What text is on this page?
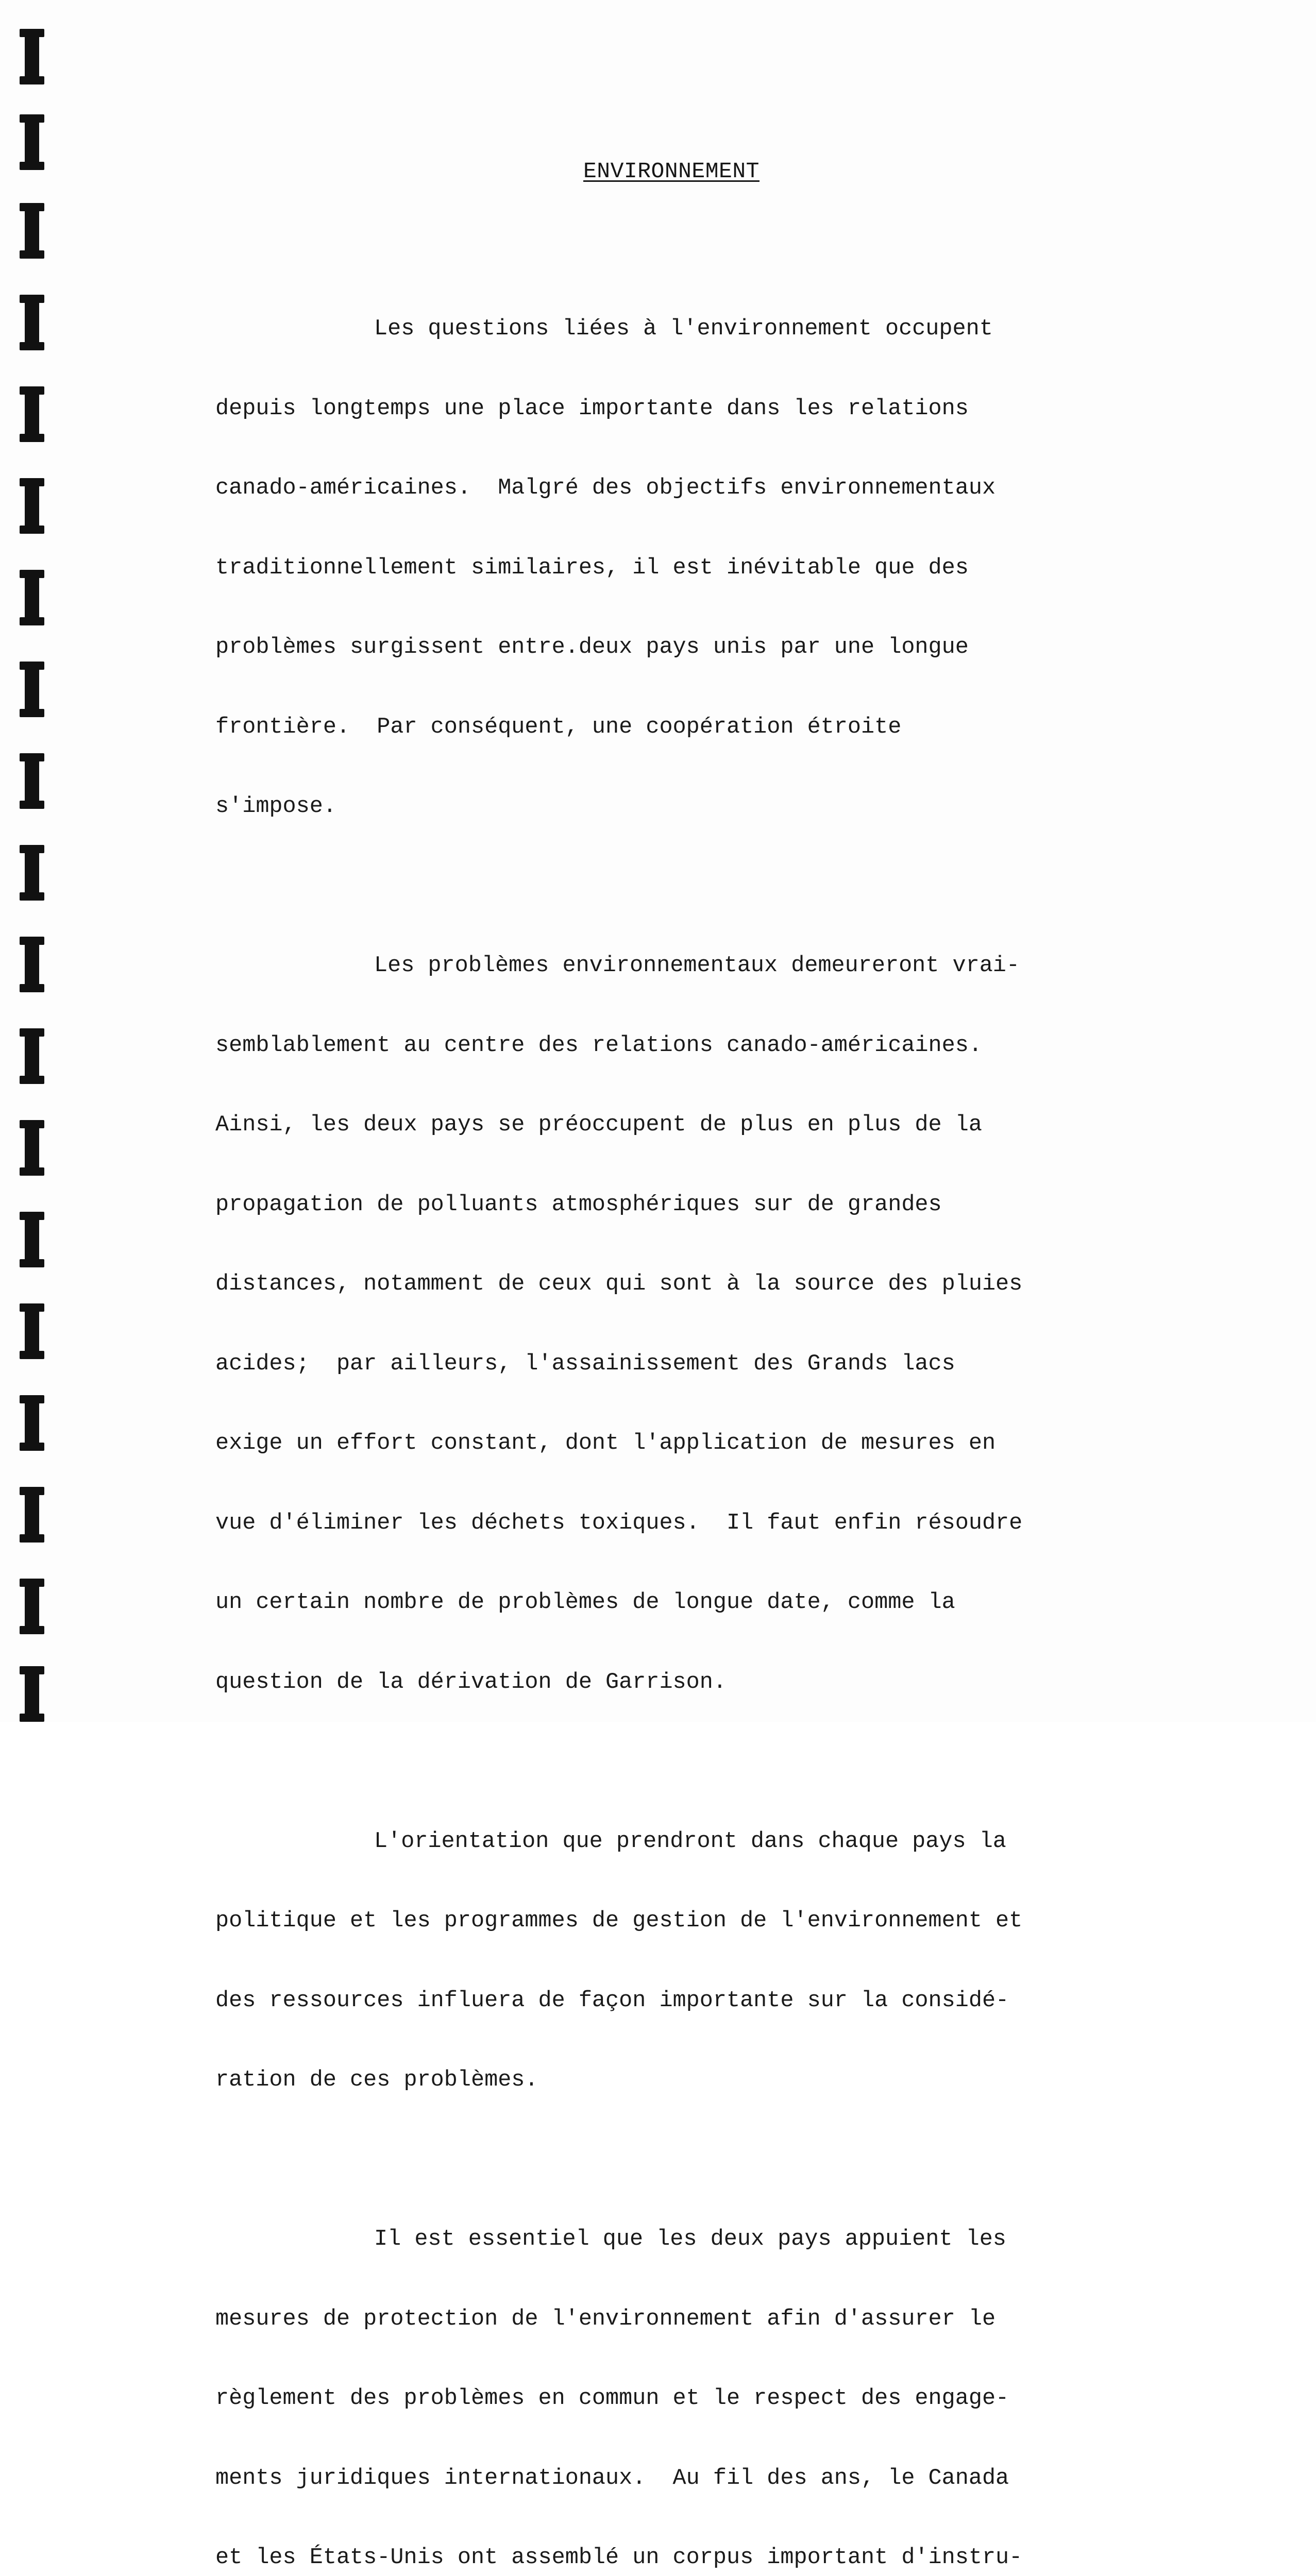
ENVIRONNEMENT

Les questions liées à l'environnement occupent

depuis longtemps une place importante dans les relations

canado-américaines.  Malgré des objectifs environnementaux

traditionnellement similaires, il est inévitable que des

problèmes surgissent entre.deux pays unis par une longue

frontière.  Par conséquent, une coopération étroite

s'impose.

Les problèmes environnementaux demeureront vrai-

semblablement au centre des relations canado-américaines.

Ainsi, les deux pays se préoccupent de plus en plus de la

propagation de polluants atmosphériques sur de grandes

distances, notamment de ceux qui sont à la source des pluies

acides;  par ailleurs, l'assainissement des Grands lacs

exige un effort constant, dont l'application de mesures en

vue d'éliminer les déchets toxiques.  Il faut enfin résoudre

un certain nombre de problèmes de longue date, comme la

question de la dérivation de Garrison.

L'orientation que prendront dans chaque pays la

politique et les programmes de gestion de l'environnement et

des ressources influera de façon importante sur la considé-

ration de ces problèmes.

Il est essentiel que les deux pays appuient les

mesures de protection de l'environnement afin d'assurer le

règlement des problèmes en commun et le respect des engage-

ments juridiques internationaux.  Au fil des ans, le Canada

et les États-Unis ont assemblé un corpus important d'instru-
